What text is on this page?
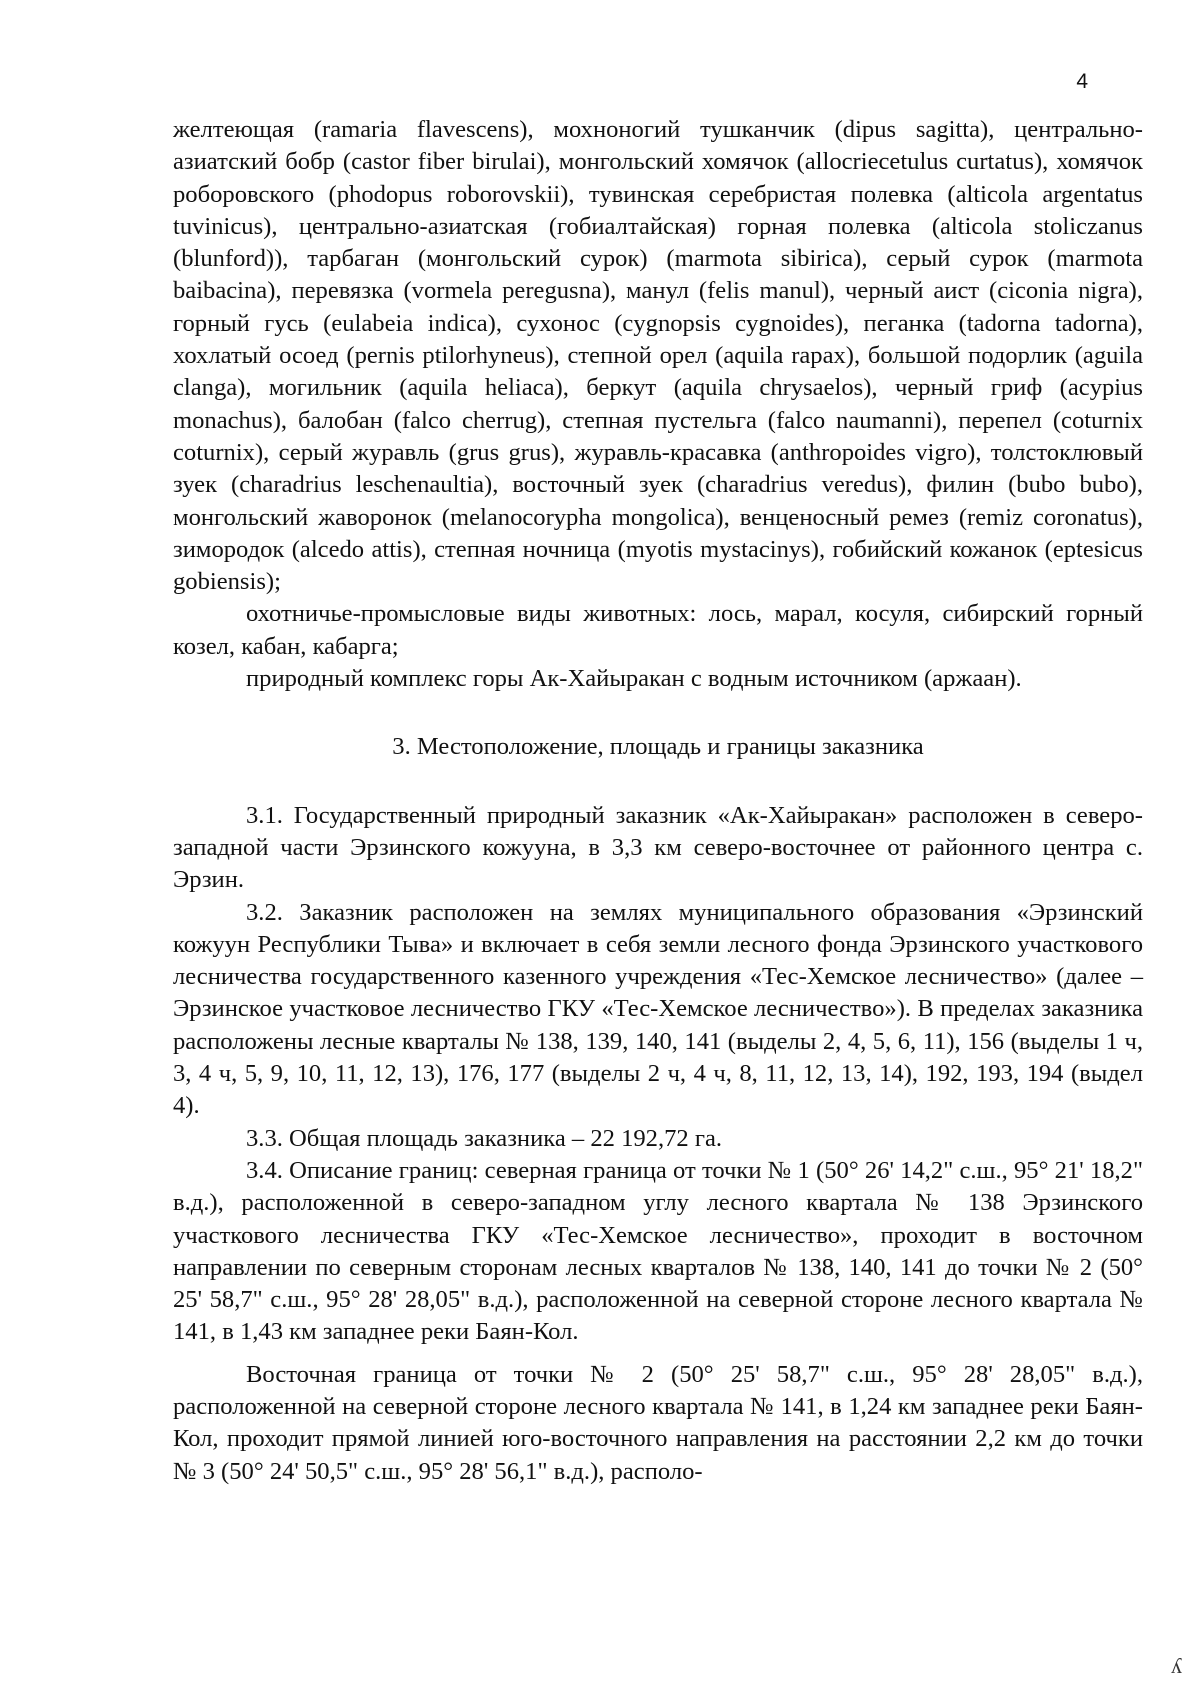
4

желтеющая (ramaria flavescens), мохноногий тушканчик (dipus sagitta), центрально-азиатский бобр (castor fiber birulai), монгольский хомячок (allocriecetulus curtatus), хомячок роборовского (phodopus roborovskii), тувинская серебристая полевка (alticola argentatus tuvinicus), центрально-азиатская (гобиалтайская) горная полевка (alticola stoliczanus (blunford)), тарбаган (монгольский сурок) (marmota sibirica), серый сурок (marmota baibacina), перевязка (vormela peregusna), манул (felis manul), черный аист (ciconia nigra), горный гусь (eulabeia indica), сухонос (cygnopsis cygnoides), пеганка (tadorna tadorna), хохлатый осоед (pernis ptilorhyneus), степной орел (aquila rapax), большой подорлик (aguila clanga), могильник (aquila heliaca), беркут (aquila chrysaelos), черный гриф (acypius monachus), балобан (falco cherrug), степная пустельга (falco naumanni), перепел (coturnix coturnix), серый журавль (grus grus), журавль-красавка (anthropoides vigro), толстоклювый зуек (charadrius leschenaultia), восточный зуек (charadrius veredus), филин (bubo bubo), монгольский жаворонок (melanocorypha mongolica), венценосный ремез (remiz coronatus), зимородок (alcedo attis), степная ночница (myotis mystacinys), гобийский кожанок (eptesicus gobiensis);

охотничье-промысловые виды животных: лось, марал, косуля, сибирский горный козел, кабан, кабарга;

природный комплекс горы Ак-Хайыракан с водным источником (аржаан).

3. Местоположение, площадь и границы заказника

3.1. Государственный природный заказник «Ак-Хайыракан» расположен в северо-западной части Эрзинского кожууна, в 3,3 км северо-восточнее от районного центра с. Эрзин.

3.2. Заказник расположен на землях муниципального образования «Эрзинский кожуун Республики Тыва» и включает в себя земли лесного фонда Эрзинского участкового лесничества государственного казенного учреждения «Тес-Хемское лесничество» (далее – Эрзинское участковое лесничество ГКУ «Тес-Хемское лесничество»). В пределах заказника расположены лесные кварталы № 138, 139, 140, 141 (выделы 2, 4, 5, 6, 11), 156 (выделы 1 ч, 3, 4 ч, 5, 9, 10, 11, 12, 13), 176, 177 (выделы 2 ч, 4 ч, 8, 11, 12, 13, 14), 192, 193, 194 (выдел 4).

3.3. Общая площадь заказника – 22 192,72 га.

3.4. Описание границ: северная граница от точки № 1 (50° 26' 14,2" с.ш., 95° 21' 18,2" в.д.), расположенной в северо-западном углу лесного квартала № 138 Эрзинского участкового лесничества ГКУ «Тес-Хемское лесничество», проходит в восточном направлении по северным сторонам лесных кварталов № 138, 140, 141 до точки № 2 (50° 25' 58,7" с.ш., 95° 28' 28,05" в.д.), расположенной на северной стороне лесного квартала № 141, в 1,43 км западнее реки Баян-Кол.

Восточная граница от точки № 2 (50° 25' 58,7" с.ш., 95° 28' 28,05" в.д.), расположенной на северной стороне лесного квартала № 141, в 1,24 км западнее реки Баян-Кол, проходит прямой линией юго-восточного направления на расстоянии 2,2 км до точки № 3 (50° 24' 50,5" с.ш., 95° 28' 56,1" в.д.), располо-

ʎ
